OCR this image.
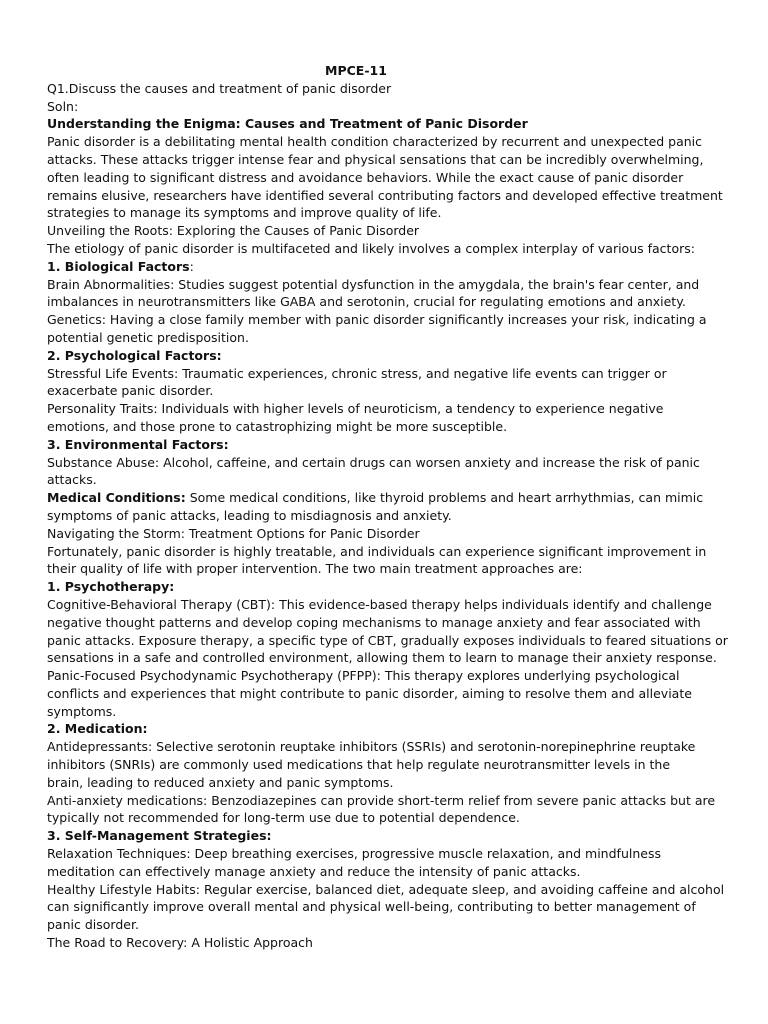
MPCE-11
Q1.Discuss the causes and treatment of panic disorder
Soln:
Understanding the Enigma: Causes and Treatment of Panic Disorder
Panic disorder is a debilitating mental health condition characterized by recurrent and unexpected panic
attacks. These attacks trigger intense fear and physical sensations that can be incredibly overwhelming,
often leading to significant distress and avoidance behaviors. While the exact cause of panic disorder
remains elusive, researchers have identified several contributing factors and developed effective treatment
strategies to manage its symptoms and improve quality of life.
Unveiling the Roots: Exploring the Causes of Panic Disorder
The etiology of panic disorder is multifaceted and likely involves a complex interplay of various factors:
1. Biological Factors:
Brain Abnormalities: Studies suggest potential dysfunction in the amygdala, the brain's fear center, and
imbalances in neurotransmitters like GABA and serotonin, crucial for regulating emotions and anxiety.
Genetics: Having a close family member with panic disorder significantly increases your risk, indicating a
potential genetic predisposition.
2. Psychological Factors:
Stressful Life Events: Traumatic experiences, chronic stress, and negative life events can trigger or
exacerbate panic disorder.
Personality Traits: Individuals with higher levels of neuroticism, a tendency to experience negative
emotions, and those prone to catastrophizing might be more susceptible.
3. Environmental Factors:
Substance Abuse: Alcohol, caffeine, and certain drugs can worsen anxiety and increase the risk of panic
attacks.
Medical Conditions: Some medical conditions, like thyroid problems and heart arrhythmias, can mimic
symptoms of panic attacks, leading to misdiagnosis and anxiety.
Navigating the Storm: Treatment Options for Panic Disorder
Fortunately, panic disorder is highly treatable, and individuals can experience significant improvement in
their quality of life with proper intervention. The two main treatment approaches are:
1. Psychotherapy:
Cognitive-Behavioral Therapy (CBT): This evidence-based therapy helps individuals identify and challenge
negative thought patterns and develop coping mechanisms to manage anxiety and fear associated with
panic attacks. Exposure therapy, a specific type of CBT, gradually exposes individuals to feared situations or
sensations in a safe and controlled environment, allowing them to learn to manage their anxiety response.
Panic-Focused Psychodynamic Psychotherapy (PFPP): This therapy explores underlying psychological
conflicts and experiences that might contribute to panic disorder, aiming to resolve them and alleviate
symptoms.
2. Medication:
Antidepressants: Selective serotonin reuptake inhibitors (SSRIs) and serotonin-norepinephrine reuptake
inhibitors (SNRIs) are commonly used medications that help regulate neurotransmitter levels in the
brain, leading to reduced anxiety and panic symptoms.
Anti-anxiety medications: Benzodiazepines can provide short-term relief from severe panic attacks but are
typically not recommended for long-term use due to potential dependence.
3. Self-Management Strategies:
Relaxation Techniques: Deep breathing exercises, progressive muscle relaxation, and mindfulness
meditation can effectively manage anxiety and reduce the intensity of panic attacks.
Healthy Lifestyle Habits: Regular exercise, balanced diet, adequate sleep, and avoiding caffeine and alcohol
can significantly improve overall mental and physical well-being, contributing to better management of
panic disorder.
The Road to Recovery: A Holistic Approach
